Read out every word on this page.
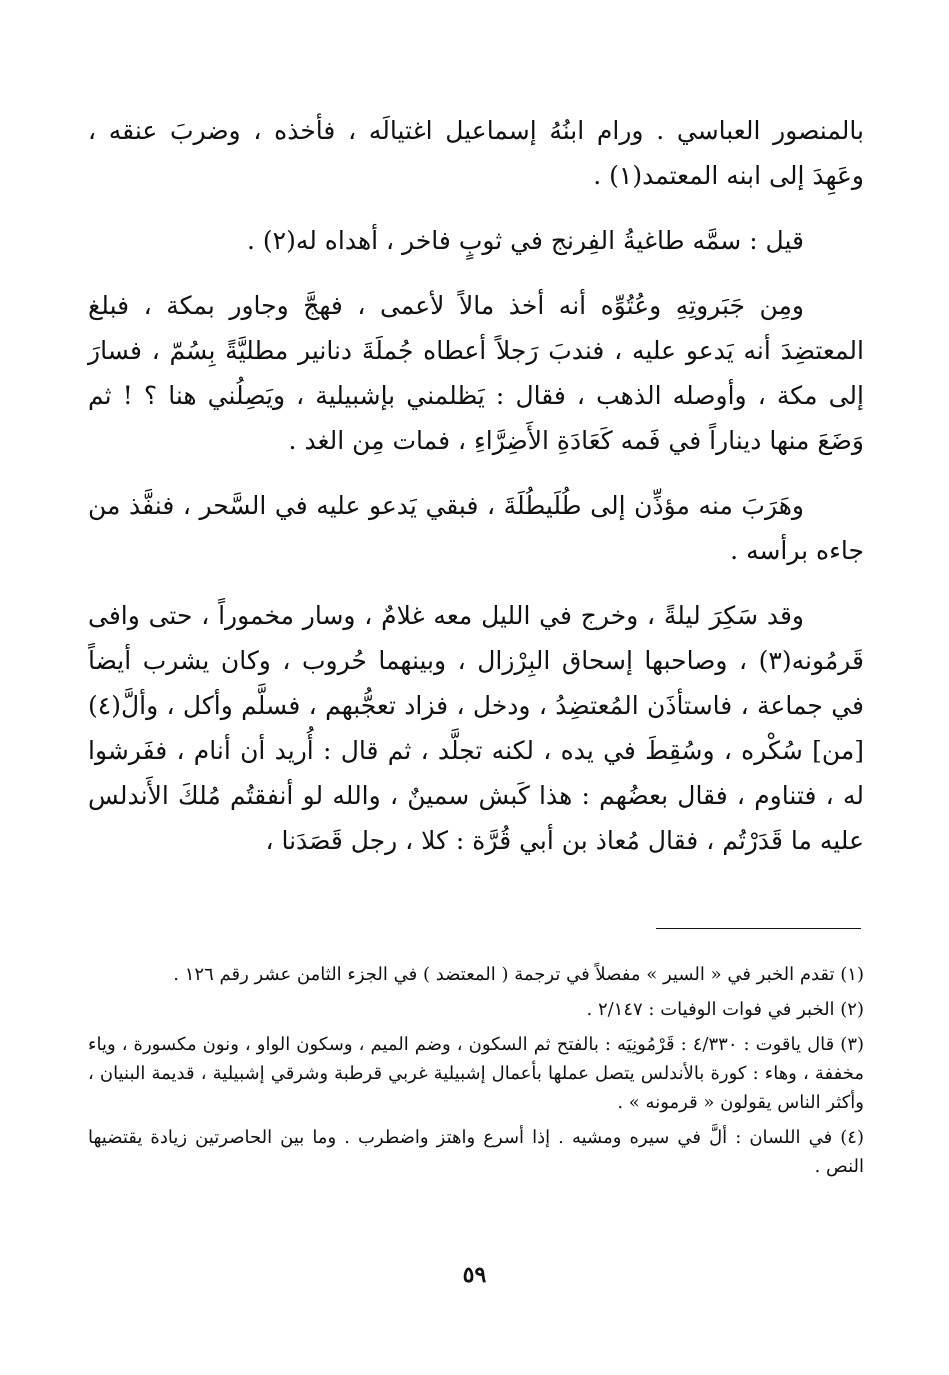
بالمنصور العباسي . ورام ابنُهُ إسماعيل اغتيالَه ، فأخذه ، وضربَ عنقه ، وعَهِدَ إلى ابنه المعتمد(١) .

قيل : سمَّه طاغيةُ الفِرنج في ثوبٍ فاخر ، أهداه له(٢) .

ومِن جَبَروتِهِ وعُتُوِّه أنه أخذ مالاً لأعمى ، فهجَّ وجاور بمكة ، فبلغ المعتضِدَ أنه يَدعو عليه ، فندبَ رَجلاً أعطاه جُملَةَ دنانير مطليَّةً بِسُمّ ، فسارَ إلى مكة ، وأوصله الذهب ، فقال : يَظلمني بإشبيلية ، ويَصِلُني هنا ؟ ! ثم وَضَعَ منها ديناراً في فَمه كَعَادَةِ الأَضِرَّاءِ ، فمات مِن الغد .

وهَرَبَ منه مؤذِّن إلى طُلَيطُلَةَ ، فبقي يَدعو عليه في السَّحر ، فنفَّذ من جاءه برأسه .

وقد سَكِرَ ليلةً ، وخرج في الليل معه غلامٌ ، وسار مخموراً ، حتى وافى قَرمُونه(٣) ، وصاحبها إسحاق البِرْزال ، وبينهما حُروب ، وكان يشرب أيضاً في جماعة ، فاستأذَن المُعتضِدُ ، ودخل ، فزاد تعجُّبهم ، فسلَّم وأكل ، وألَّ(٤) [من] سُكْره ، وسُقِطَ في يده ، لكنه تجلَّد ، ثم قال : أُريد أن أنام ، ففَرشوا له ، فتناوم ، فقال بعضُهم : هذا كَبش سمينٌ ، والله لو أنفقتُم مُلكَ الأَندلس عليه ما قَدَرْتُم ، فقال مُعاذ بن أبي قُرَّة : كلا ، رجل قَصَدَنا ،

(١) تقدم الخبر في « السير » مفصلاً في ترجمة ( المعتضد ) في الجزء الثامن عشر رقم ١٢٦ .

(٢) الخبر في فوات الوفيات : ٢/١٤٧ .

(٣) قال ياقوت : ٤/٣٣٠ : قَرْمُونِيَه : بالفتح ثم السكون ، وضم الميم ، وسكون الواو ، ونون مكسورة ، وياء مخففة ، وهاء : كورة بالأندلس يتصل عملها بأعمال إشبيلية غربي قرطبة وشرقي إشبيلية ، قديمة البنيان ، وأكثر الناس يقولون « قرمونه » .

(٤) في اللسان : ألَّ في سيره ومشيه . إذا أسرع واهتز واضطرب . وما بين الحاصرتين زيادة يقتضيها النص .

٥٩
